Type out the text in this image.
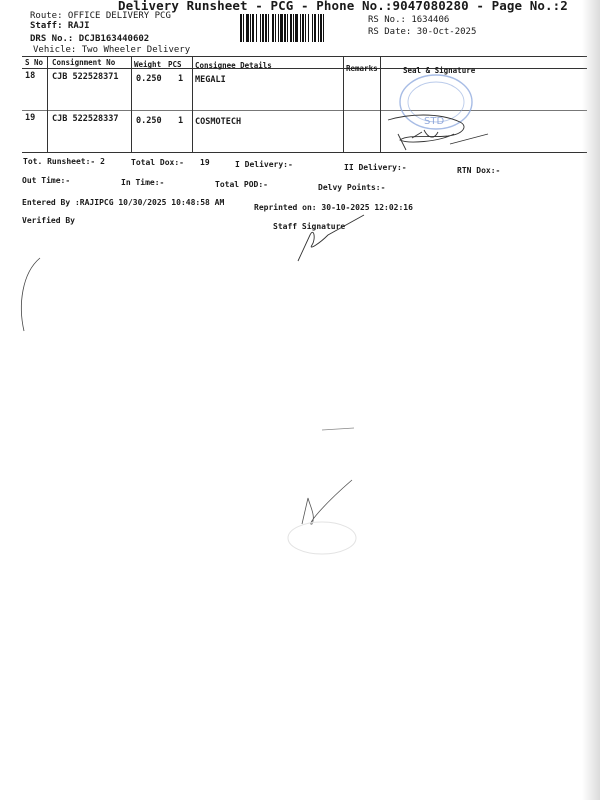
Delivery Runsheet - PCG - Phone No.:9047080280 - Page No.:2
Route: OFFICE DELIVERY PCG
Staff: RAJI
DRS No.: DCJB163440602
Vehicle: Two Wheeler Delivery
RS No.: 1634406
RS Date: 30-Oct-2025
S No Consignment No	Weight PCS Consignee Details	Remarks	Seal & Signature
18 CJB 522528371 0.250 1 MEGALI
19 CJB 522528337 0.250 1 COSMOTECH	STD
Tot. Runsheet:- 2	Total Dox:- 19	I Delivery:-	II Delivery:-	RTN Dox:-
Out Time:-	In Time:-	Total POD:-	Delvy Points:-
Entered By :RAJIPCG 10/30/2025 10:48:58 AM
Reprinted on: 30-10-2025 12:02:16
Verified By
Staff Signature
